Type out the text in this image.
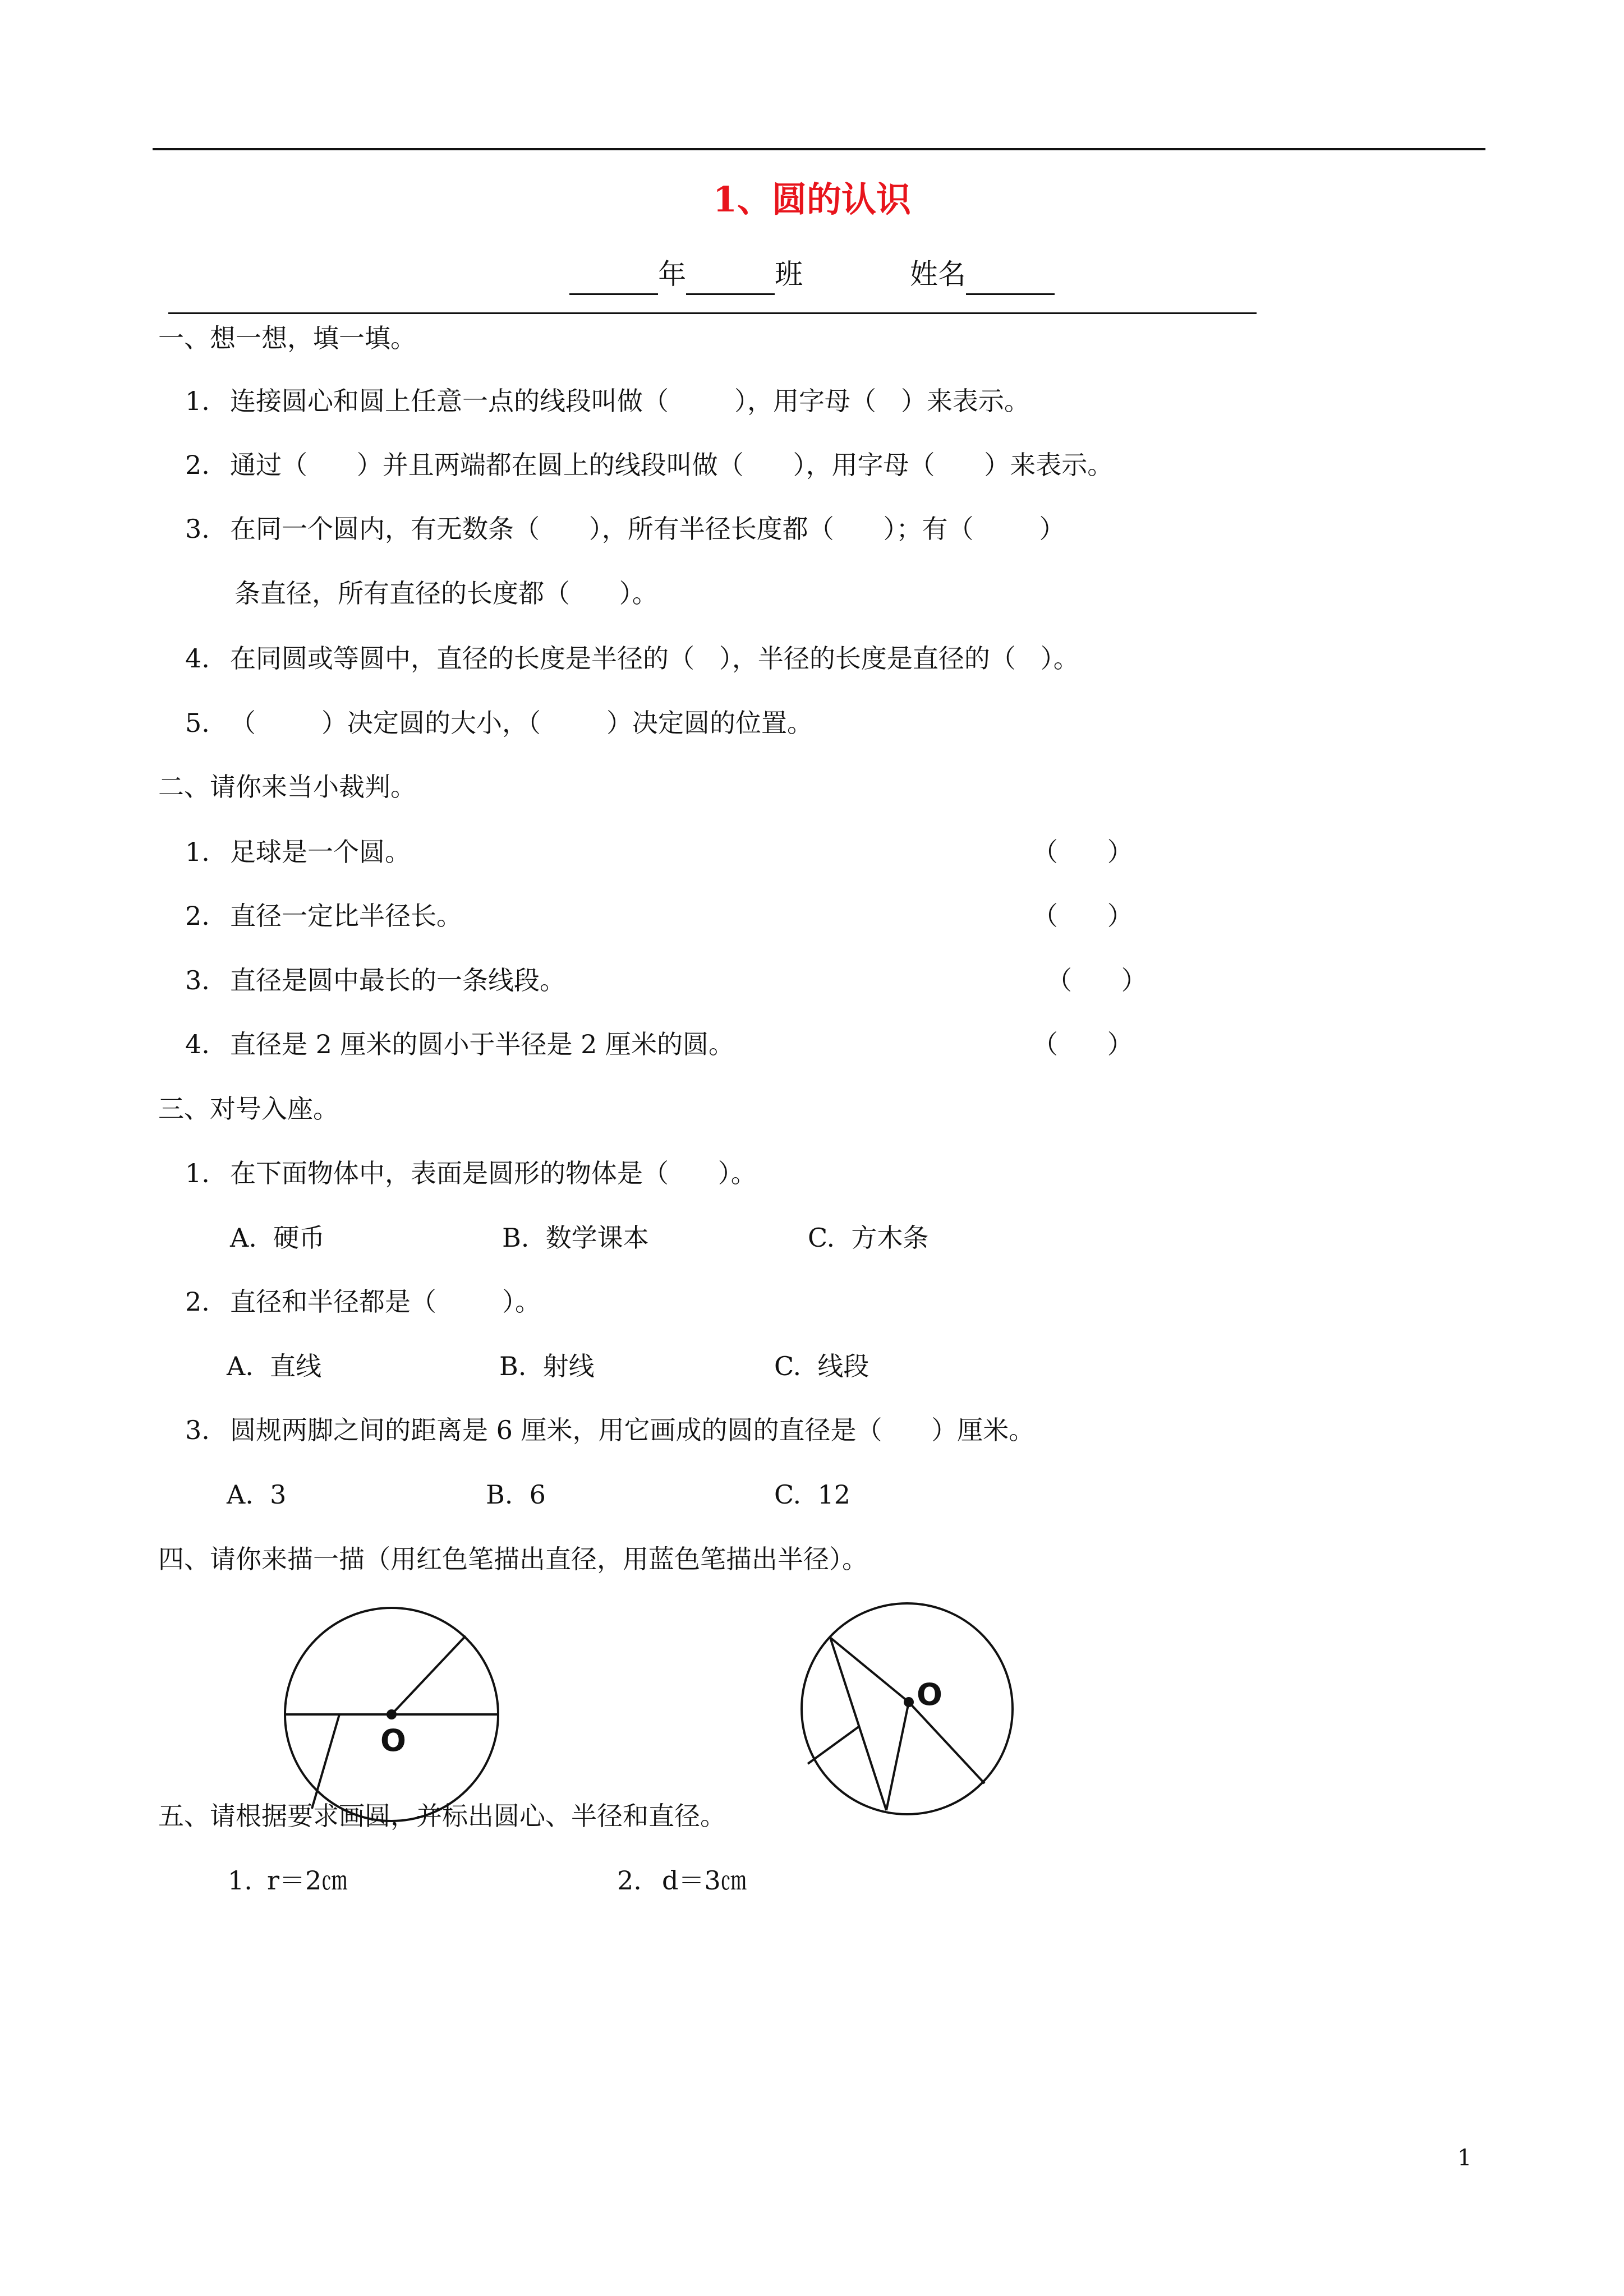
1、圆的认识
年	班	姓名
一、想一想，填一填。
1. 连接圆心和圆上任意一点的线段叫做（        ），用字母（   ）来表示。
2. 通过（      ）并且两端都在圆上的线段叫做（      ），用字母（      ）来表示。
3. 在同一个圆内，有无数条（      ），所有半径长度都（      ）；有（        ）
条直径，所有直径的长度都（      ）。
4. 在同圆或等圆中，直径的长度是半径的（   ），半径的长度是直径的（   ）。
5. （        ）决定圆的大小，（        ）决定圆的位置。
二、请你来当小裁判。
1. 足球是一个圆。	（      ）
2. 直径一定比半径长。	（      ）
3. 直径是圆中最长的一条线段。	（      ）
4. 直径是 2 厘米的圆小于半径是 2 厘米的圆。	（      ）
三、对号入座。
1. 在下面物体中，表面是圆形的物体是（      ）。
A.  硬币	B.  数学课本	C.  方木条
2. 直径和半径都是（        ）。
A.  直线	B.  射线	C.  线段
3. 圆规两脚之间的距离是 6 厘米，用它画成的圆的直径是（      ）厘米。
A.  3	B.  6	C.  12
四、请你来描一描（用红色笔描出直径，用蓝色笔描出半径）。
O
O
五、请根据要求画圆，并标出圆心、半径和直径。
1. r＝2㎝	2. d＝3㎝
1
